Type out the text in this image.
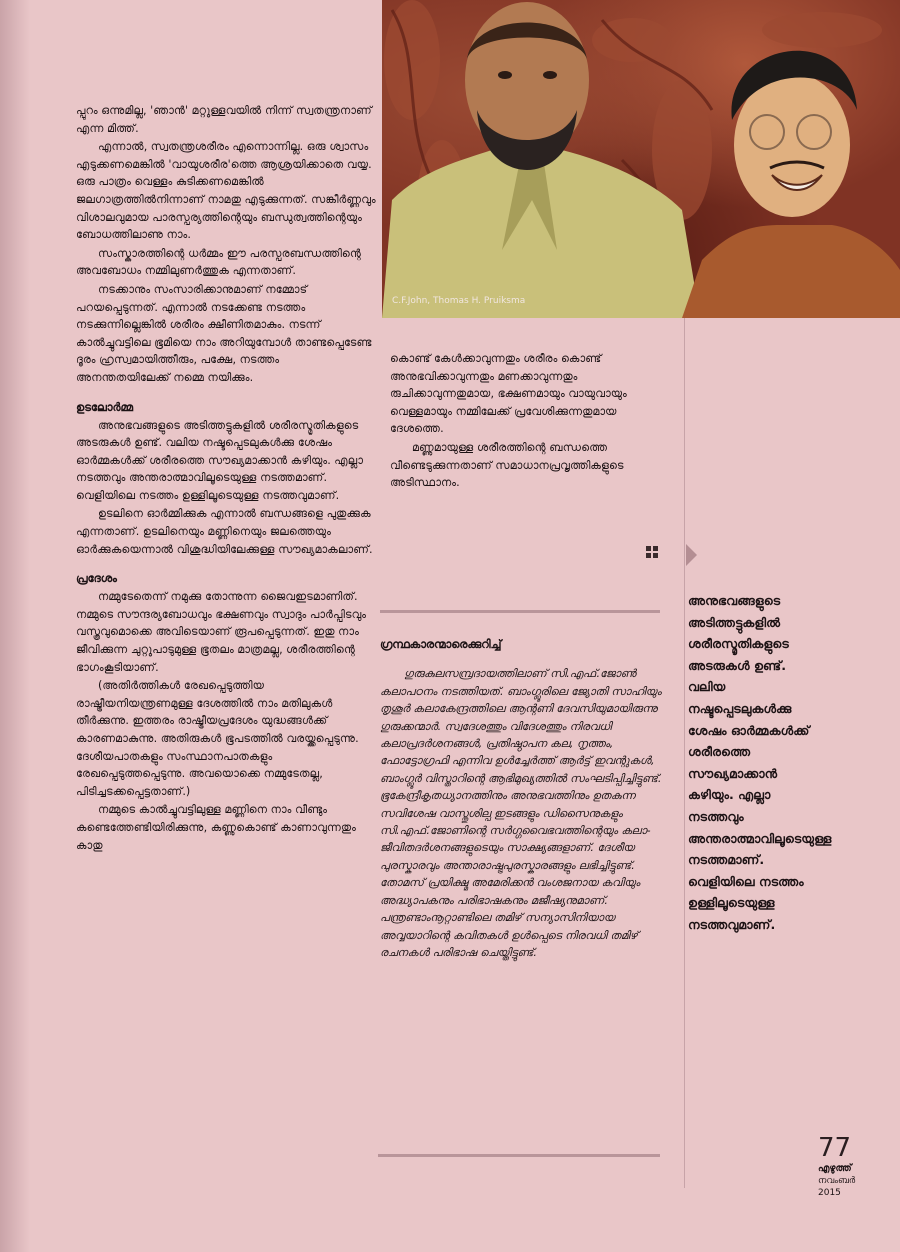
പ്പുറം ഒന്നുമില്ല, 'ഞാൻ' മറ്റുള്ളവയിൽ നിന്ന് സ്വതന്ത്രനാണ് എന്ന മിത്ത്.

എന്നാൽ, സ്വതന്ത്രശരീരം എന്നൊന്നില്ല. ഒരു ശ്വാസം എടുക്കണമെങ്കിൽ 'വായുശരീര'ത്തെ ആശ്രയിക്കാതെ വയ്യ. ഒരു പാത്രം വെള്ളം കുടിക്കണമെങ്കിൽ ജലഗാത്രത്തിൽനിന്നാണ് നാമതു എടുക്കുന്നത്. സങ്കീർണ്ണവും വിശാലവുമായ പാരസ്പര്യത്തിന്റെയും ബന്ധുത്വത്തിന്റെയും ബോധത്തിലാണു നാം.

സംസ്കാരത്തിന്റെ ധർമ്മം ഈ പരസ്പരബന്ധത്തിന്റെ അവബോധം നമ്മിലുണർത്തുക എന്നതാണ്.

നടക്കാനും സംസാരിക്കാനുമാണ് നമ്മോട് പറയപ്പെടുന്നത്. എന്നാൽ നടക്കേണ്ട നടത്തം നടക്കുന്നില്ലെങ്കിൽ ശരീരം ക്ഷീണിതമാകും. നടന്ന് കാൽച്ചുവട്ടിലെ ഭൂമിയെ നാം അറിയുമ്പോൾ താണ്ടപ്പെടേണ്ട ദൂരം ഹ്രസ്വമായിത്തീരും, പക്ഷേ, നടത്തം അനന്തതയിലേക്ക് നമ്മെ നയിക്കും.

ഉടലോർമ്മ

അനുഭവങ്ങളുടെ അടിത്തട്ടുകളിൽ ശരീരസ്മൃതികളുടെ അടരുകൾ ഉണ്ട്. വലിയ നഷ്ടപ്പെടലുകൾക്കു ശേഷം ഓർമ്മകൾക്ക് ശരീരത്തെ സൗഖ്യമാക്കാൻ കഴിയും. എല്ലാ നടത്തവും അന്തരാത്മാവിലൂടെയുള്ള നടത്തമാണ്. വെളിയിലെ നടത്തം ഉള്ളിലൂടെയുള്ള നടത്തവുമാണ്.

ഉടലിനെ ഓർമ്മിക്കുക എന്നാൽ ബന്ധങ്ങളെ പുതുക്കുക എന്നതാണ്. ഉടലിനെയും മണ്ണിനെയും ജലത്തെയും ഓർക്കുകയെന്നാൽ വിശുദ്ധിയിലേക്കുള്ള സൗഖ്യമാകലാണ്.

പ്രദേശം

നമ്മുടേതെന്ന് നമുക്കു തോന്നുന്ന ജൈവഇടമാണിത്. നമ്മുടെ സൗന്ദര്യബോധവും ഭക്ഷണവും സ്വാദും പാർപ്പിടവും വസ്ത്രവുമൊക്കെ അവിടെയാണ് രൂപപ്പെടുന്നത്. ഇതു നാം ജീവിക്കുന്ന ചുറ്റുപാടുമുള്ള ഭൂതലം മാത്രമല്ല, ശരീരത്തിന്റെ ഭാഗംകൂടിയാണ്.

(അതിർത്തികൾ രേഖപ്പെടുത്തിയ രാഷ്ട്രീയനിയന്ത്രണമുള്ള ദേശത്തിൽ നാം മതിലുകൾ തീർക്കുന്നു. ഇത്തരം രാഷ്ട്രീയപ്രദേശം യുദ്ധങ്ങൾക്ക് കാരണമാകുന്നു. അതിരുകൾ ഭൂപടത്തിൽ വരയ്ക്കപ്പെടുന്നു. ദേശീയപാതകളും സംസ്ഥാനപാതകളും രേഖപ്പെടുത്തപ്പെടുന്നു. അവയൊക്കെ നമ്മുടേതല്ല, പിടിച്ചടക്കപ്പെട്ടതാണ്.)

നമ്മുടെ കാൽച്ചുവട്ടിലുള്ള മണ്ണിനെ നാം വീണ്ടും കണ്ടെത്തേണ്ടിയിരിക്കുന്നു, കണ്ണുകൊണ്ട് കാണാവുന്നതും കാതു

C.F.John, Thomas H. Pruiksma

കൊണ്ട് കേൾക്കാവുന്നതും ശരീരം കൊണ്ട് അനുഭവിക്കാവുന്നതും മണക്കാവുന്നതും രുചിക്കാവുന്നതുമായ, ഭക്ഷണമായും വായുവായും വെള്ളമായും നമ്മിലേക്ക് പ്രവേശിക്കുന്നതുമായ ദേശത്തെ.

മണ്ണുമായുള്ള ശരീരത്തിന്റെ ബന്ധത്തെ വീണ്ടെടുക്കുന്നതാണ് സമാധാനപ്രവൃത്തികളുടെ അടിസ്ഥാനം.

ഗ്രന്ഥകാരന്മാരെക്കുറിച്ച്

ഗുരുകുലസമ്പ്രദായത്തിലാണ് സി.എഫ്.ജോൺ കലാപഠനം നടത്തിയത്. ബാംഗ്ലൂരിലെ ജ്യോതി സാഹിയും തൃശൂർ കലാകേന്ദ്രത്തിലെ ആന്റണി ദേവസിയുമായിരുന്നു ഗുരുക്കന്മാർ. സ്വദേശത്തും വിദേശത്തും നിരവധി കലാപ്രദർശനങ്ങൾ, പ്രതിഷ്ഠാപന കല, നൃത്തം, ഫോട്ടോഗ്രഫി എന്നിവ ഉൾച്ചേർത്ത് ആർട്ട് ഇവന്റുകൾ, ബാംഗ്ലൂർ വിസ്താറിന്റെ ആഭിമുഖ്യത്തിൽ സംഘടിപ്പിച്ചിട്ടുണ്ട്. ഭൂകേന്ദ്രീകൃതധ്യാനത്തിനും അനുഭവത്തിനും ഉതകുന്ന സവിശേഷ വാസ്തുശില്പ ഇടങ്ങളും ഡിസൈനുകളും സി.എഫ്.ജോണിന്റെ സർഗ്ഗവൈഭവത്തിന്റെയും കലാ-ജീവിതദർശനങ്ങളുടെയും സാക്ഷ്യങ്ങളാണ്. ദേശീയ പുരസ്കാരവും അന്താരാഷ്ട്രപുരസ്കാരങ്ങളും ലഭിച്ചിട്ടുണ്ട്. തോമസ് പ്രയിക്ഷ്മ അമേരിക്കൻ വംശജനായ കവിയും അദ്ധ്യാപകനും പരിഭാഷകനും മജീഷ്യനുമാണ്. പന്ത്രണ്ടാംനൂറ്റാണ്ടിലെ തമിഴ് സന്യാസിനിയായ അവ്വയാറിന്റെ കവിതകൾ ഉൾപ്പെടെ നിരവധി തമിഴ് രചനകൾ പരിഭാഷ ചെയ്തിട്ടുണ്ട്.

അനുഭവങ്ങളുടെ അടിത്തട്ടുകളിൽ ശരീരസ്മൃതികളുടെ അടരുകൾ ഉണ്ട്. വലിയ നഷ്ടപ്പെടലുകൾക്കു ശേഷം ഓർമ്മകൾക്ക് ശരീരത്തെ സൗഖ്യമാക്കാൻ കഴിയും. എല്ലാ നടത്തവും അന്തരാത്മാവിലൂടെയുള്ള നടത്തമാണ്. വെളിയിലെ നടത്തം ഉള്ളിലൂടെയുള്ള നടത്തവുമാണ്.
77
എഴുത്ത്
നവംബർ
2015
